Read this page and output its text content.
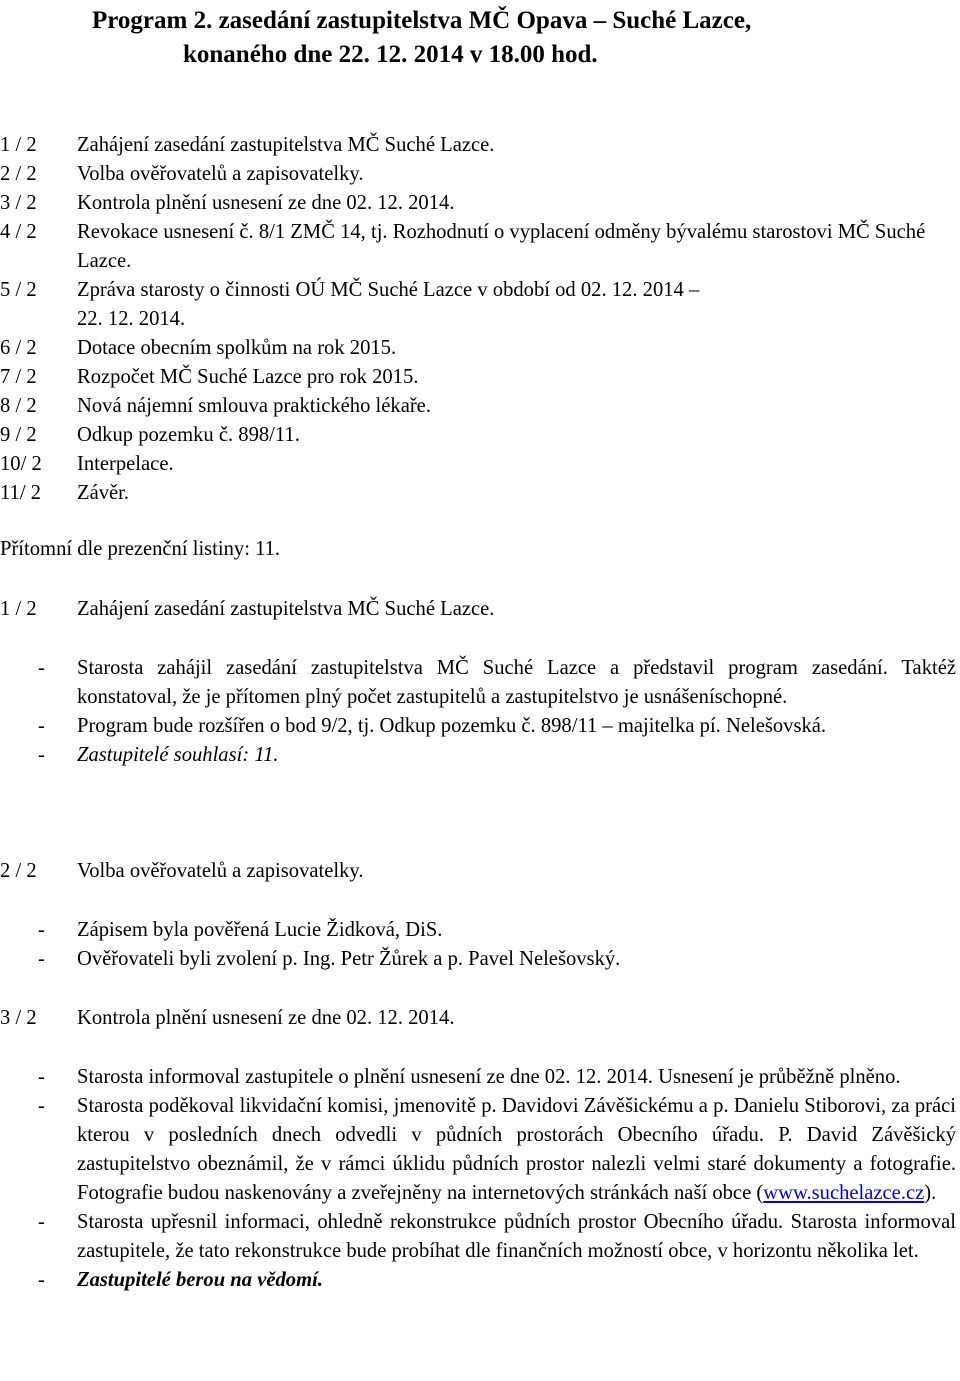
Program 2. zasedání zastupitelstva MČ Opava – Suché Lazce,
konaného dne 22. 12. 2014 v 18.00 hod.
1 / 2 Zahájení zasedání zastupitelstva MČ Suché Lazce.
2 / 2 Volba ověřovatelů a zapisovatelky.
3 / 2 Kontrola plnění usnesení ze dne 02. 12. 2014.
4 / 2 Revokace usnesení č. 8/1 ZMČ 14, tj. Rozhodnutí o vyplacení odměny bývalému starostovi MČ Suché Lazce.
5 / 2 Zpráva starosty o činnosti OÚ MČ Suché Lazce v období od 02. 12. 2014 – 22. 12. 2014.
6 / 2 Dotace obecním spolkům na rok 2015.
7 / 2 Rozpočet MČ Suché Lazce pro rok 2015.
8 / 2 Nová nájemní smlouva praktického lékaře.
9 / 2 Odkup pozemku č. 898/11.
10/ 2 Interpelace.
11/ 2 Závěr.
Přítomní dle prezenční listiny: 11.
1 / 2 Zahájení zasedání zastupitelstva MČ Suché Lazce.
- Starosta zahájil zasedání zastupitelstva MČ Suché Lazce a představil program zasedání. Taktéž konstatoval, že je přítomen plný počet zastupitelů a zastupitelstvo je usnášeníschopné.
- Program bude rozšířen o bod 9/2, tj. Odkup pozemku č. 898/11 – majitelka pí. Nelešovská.
- Zastupitelé souhlasí: 11.
2 / 2 Volba ověřovatelů a zapisovatelky.
- Zápisem byla pověřená Lucie Židková, DiS.
- Ověřovateli byli zvolení p. Ing. Petr Žůrek a p. Pavel Nelešovský.
3 / 2 Kontrola plnění usnesení ze dne 02. 12. 2014.
- Starosta informoval zastupitele o plnění usnesení ze dne 02. 12. 2014. Usnesení je průběžně plněno.
- Starosta poděkoval likvidační komisi, jmenovitě p. Davidovi Závěšickému a p. Danielu Stiborovi, za práci kterou v posledních dnech odvedli v půdních prostorách Obecního úřadu. P. David Závěšický zastupitelstvo obeznámil, že v rámci úklidu půdních prostor nalezli velmi staré dokumenty a fotografie. Fotografie budou naskenovány a zveřejněny na internetových stránkách naší obce (www.suchelazce.cz).
- Starosta upřesnil informaci, ohledně rekonstrukce půdních prostor Obecního úřadu. Starosta informoval zastupitele, že tato rekonstrukce bude probíhat dle finančních možností obce, v horizontu několika let.
- Zastupitelé berou na vědomí.
